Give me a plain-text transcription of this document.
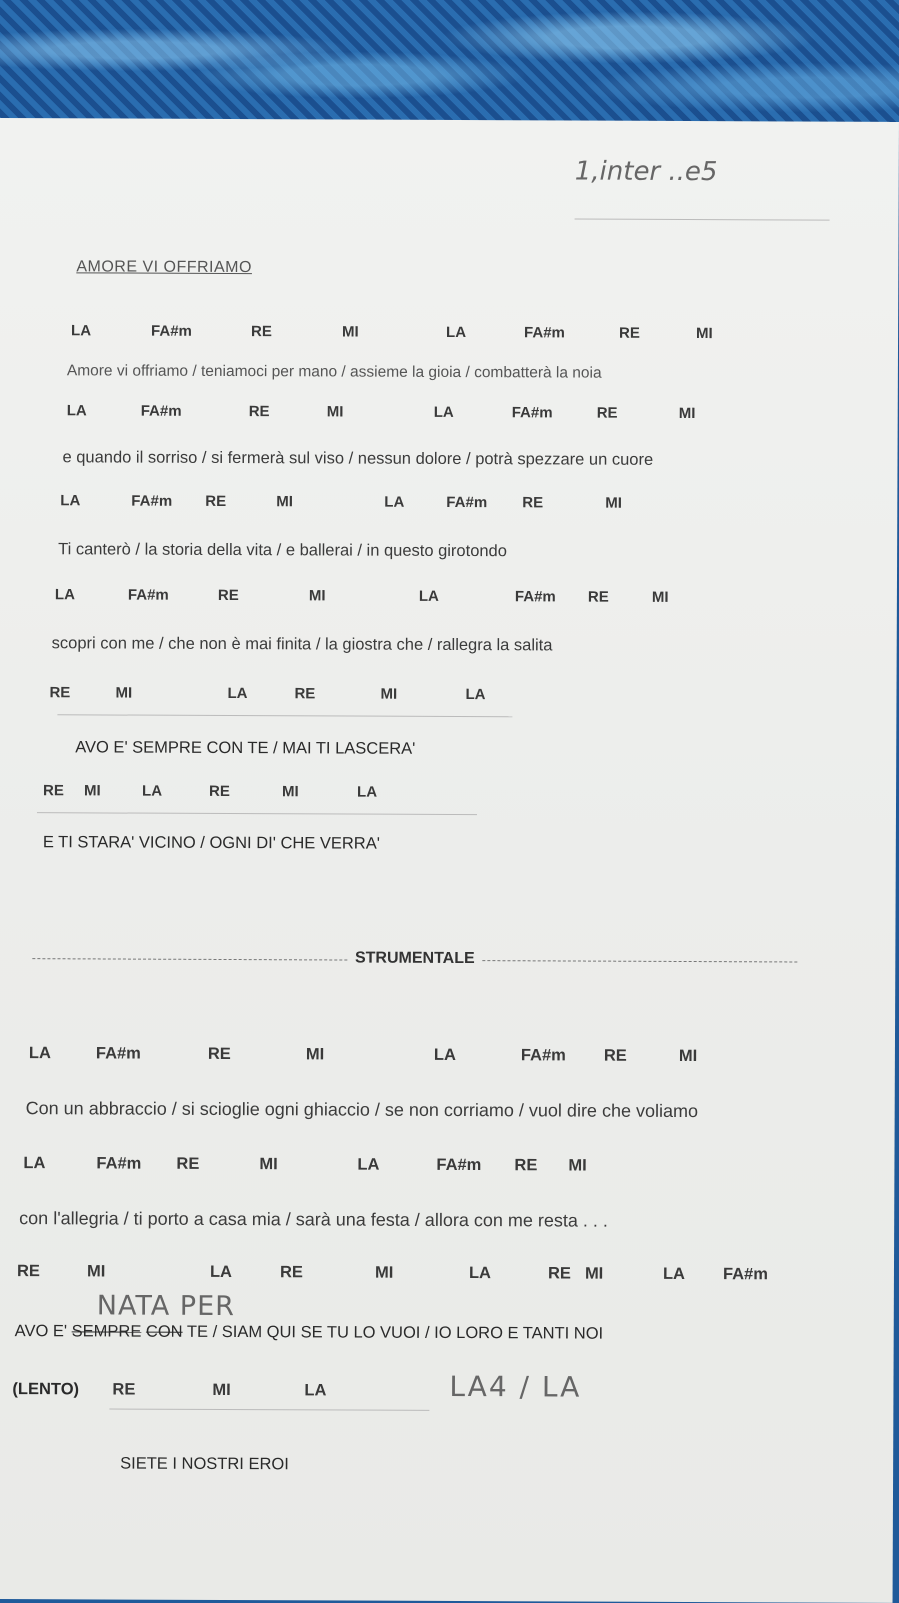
1,inter ..e5
AMORE VI OFFRIAMO
LA	FA#m	RE	MI	LA	FA#m	RE	MI
Amore vi offriamo / teniamoci per mano / assieme la gioia / combatterà la noia
LA	FA#m	RE	MI	LA	FA#m	RE	MI
e quando il sorriso / si fermerà sul viso / nessun dolore / potrà spezzare un cuore
LA	FA#m RE	MI	LA	FA#m RE	MI
Ti canterò / la storia della vita / e ballerai / in questo girotondo
LA	FA#m	RE	MI	LA	FA#m RE	MI
scopri con me / che non è mai finita / la giostra che / rallegra la salita
RE	MI	LA	RE	MI	LA
AVO E' SEMPRE CON TE / MAI TI LASCERA'
RE MI	LA	RE	MI	LA
E TI STARA' VICINO / OGNI DI' CHE VERRA'
STRUMENTALE
LA	FA#m	RE	MI	LA	FA#m RE	MI
Con un abbraccio / si scioglie ogni ghiaccio / se non corriamo / vuol dire che voliamo
LA	FA#m RE	MI	LA	FA#m RE MI
con l'allegria / ti porto a casa mia / sarà una festa / allora con me resta . . .
RE	MI	LA	RE	MI	LA	RE MI	LA FA#m
NATA PER
AVO E' SEMPRE CON TE / SIAM QUI SE TU LO VUOI / IO LORO E TANTI NOI
(LENTO) RE	MI	LA	LA4 / LA
SIETE I NOSTRI EROI
